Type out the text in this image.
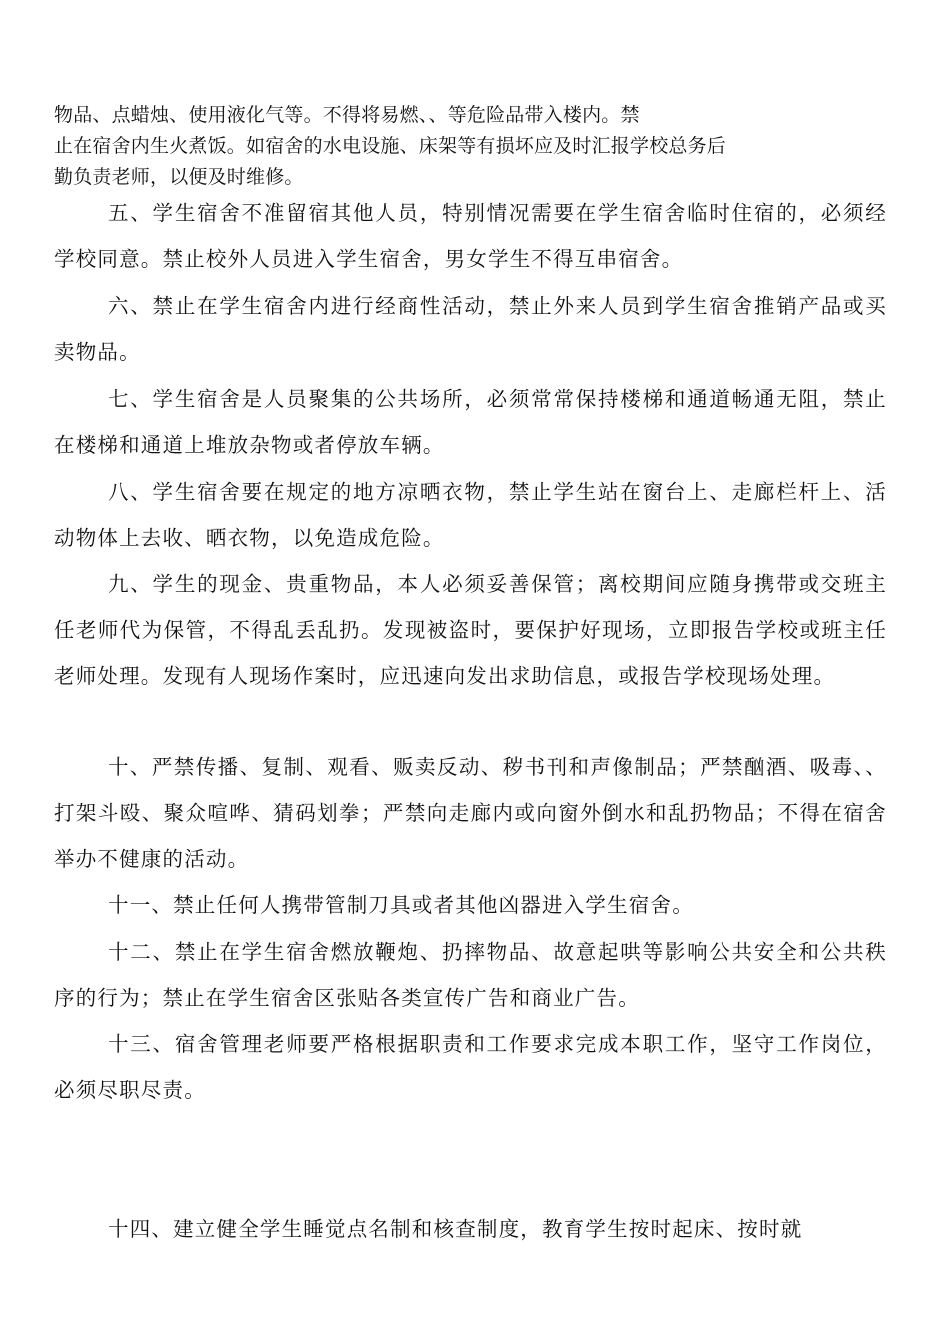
物品、点蜡烛、使用液化气等。不得将易燃、、等危险品带入楼内。禁
止在宿舍内生火煮饭。如宿舍的水电设施、床架等有损坏应及时汇报学校总务后
勤负责老师，以便及时维修。

五、学生宿舍不准留宿其他人员，特别情况需要在学生宿舍临时住宿的，必须经学校同意。禁止校外人员进入学生宿舍，男女学生不得互串宿舍。

六、禁止在学生宿舍内进行经商性活动，禁止外来人员到学生宿舍推销产品或买卖物品。

七、学生宿舍是人员聚集的公共场所，必须常常保持楼梯和通道畅通无阻，禁止在楼梯和通道上堆放杂物或者停放车辆。

八、学生宿舍要在规定的地方凉晒衣物，禁止学生站在窗台上、走廊栏杆上、活动物体上去收、晒衣物，以免造成危险。

九、学生的现金、贵重物品，本人必须妥善保管；离校期间应随身携带或交班主任老师代为保管，不得乱丢乱扔。发现被盗时，要保护好现场，立即报告学校或班主任老师处理。发现有人现场作案时，应迅速向发出求助信息，或报告学校现场处理。

十、严禁传播、复制、观看、贩卖反动、秽书刊和声像制品；严禁酗酒、吸毒、、打架斗殴、聚众喧哗、猜码划拳；严禁向走廊内或向窗外倒水和乱扔物品；不得在宿舍举办不健康的活动。

十一、禁止任何人携带管制刀具或者其他凶器进入学生宿舍。

十二、禁止在学生宿舍燃放鞭炮、扔摔物品、故意起哄等影响公共安全和公共秩序的行为；禁止在学生宿舍区张贴各类宣传广告和商业广告。

十三、宿舍管理老师要严格根据职责和工作要求完成本职工作，坚守工作岗位，必须尽职尽责。

十四、建立健全学生睡觉点名制和核查制度，教育学生按时起床、按时就
